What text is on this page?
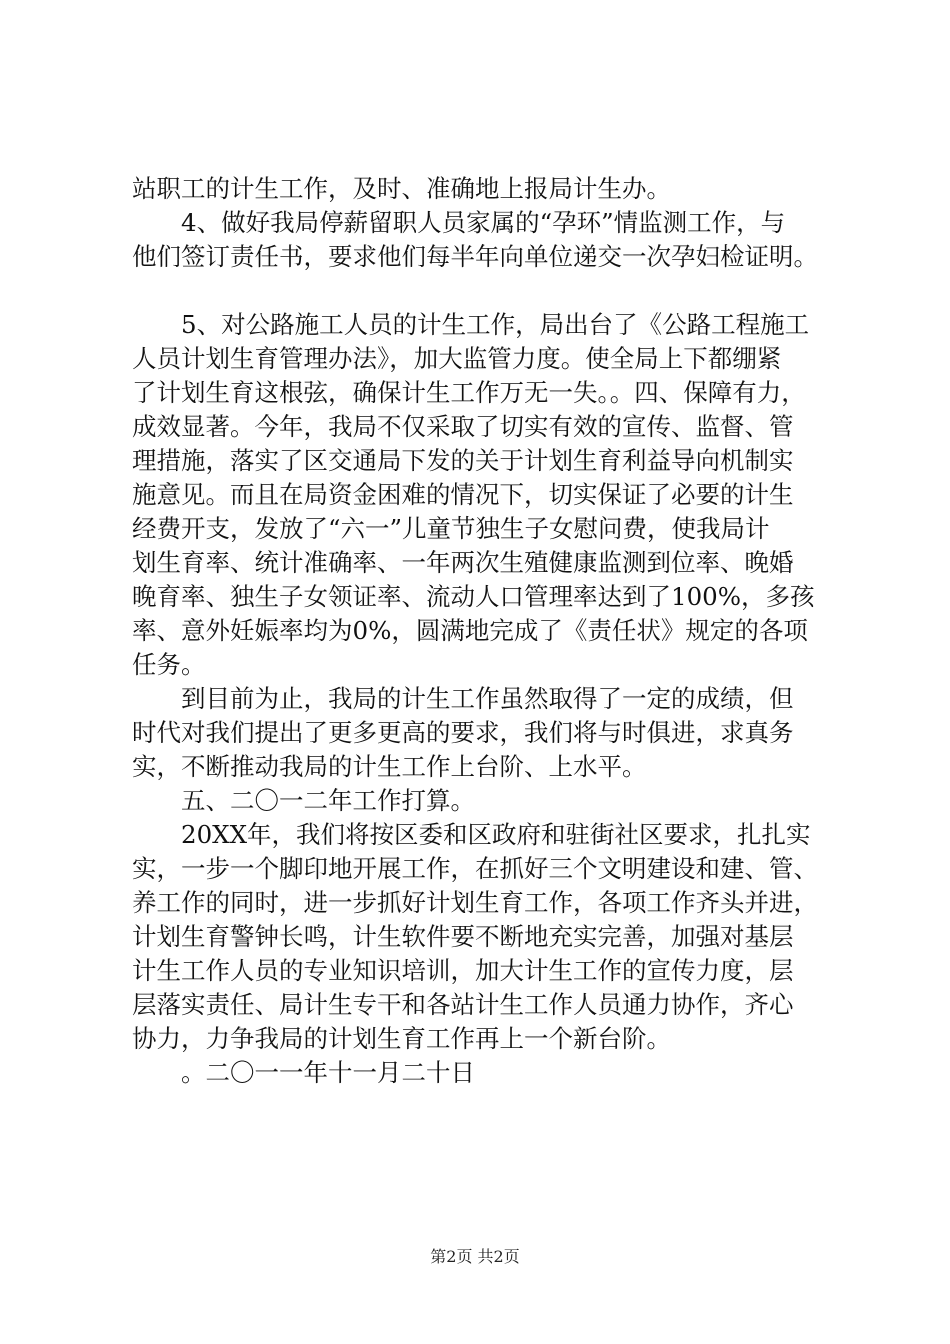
站职工的计生工作，及时、准确地上报局计生办。
4、做好我局停薪留职人员家属的“孕环”情监测工作，与
他们签订责任书，要求他们每半年向单位递交一次孕妇检证明。
5、对公路施工人员的计生工作，局出台了《公路工程施工
人员计划生育管理办法》，加大监管力度。使全局上下都绷紧
了计划生育这根弦，确保计生工作万无一失。。四、保障有力，
成效显著。今年，我局不仅采取了切实有效的宣传、监督、管
理措施，落实了区交通局下发的关于计划生育利益导向机制实
施意见。而且在局资金困难的情况下，切实保证了必要的计生
经费开支，发放了“六一”儿童节独生子女慰问费，使我局计
划生育率、统计准确率、一年两次生殖健康监测到位率、晚婚
晚育率、独生子女领证率、流动人口管理率达到了100%，多孩
率、意外妊娠率均为0%，圆满地完成了《责任状》规定的各项
任务。
到目前为止，我局的计生工作虽然取得了一定的成绩，但
时代对我们提出了更多更高的要求，我们将与时俱进，求真务
实，不断推动我局的计生工作上台阶、上水平。
五、二〇一二年工作打算。
20XX年，我们将按区委和区政府和驻街社区要求，扎扎实
实，一步一个脚印地开展工作，在抓好三个文明建设和建、管、
养工作的同时，进一步抓好计划生育工作，各项工作齐头并进，
计划生育警钟长鸣，计生软件要不断地充实完善，加强对基层
计生工作人员的专业知识培训，加大计生工作的宣传力度，层
层落实责任、局计生专干和各站计生工作人员通力协作，齐心
协力，力争我局的计划生育工作再上一个新台阶。
。二〇一一年十一月二十日
第2页 共2页
